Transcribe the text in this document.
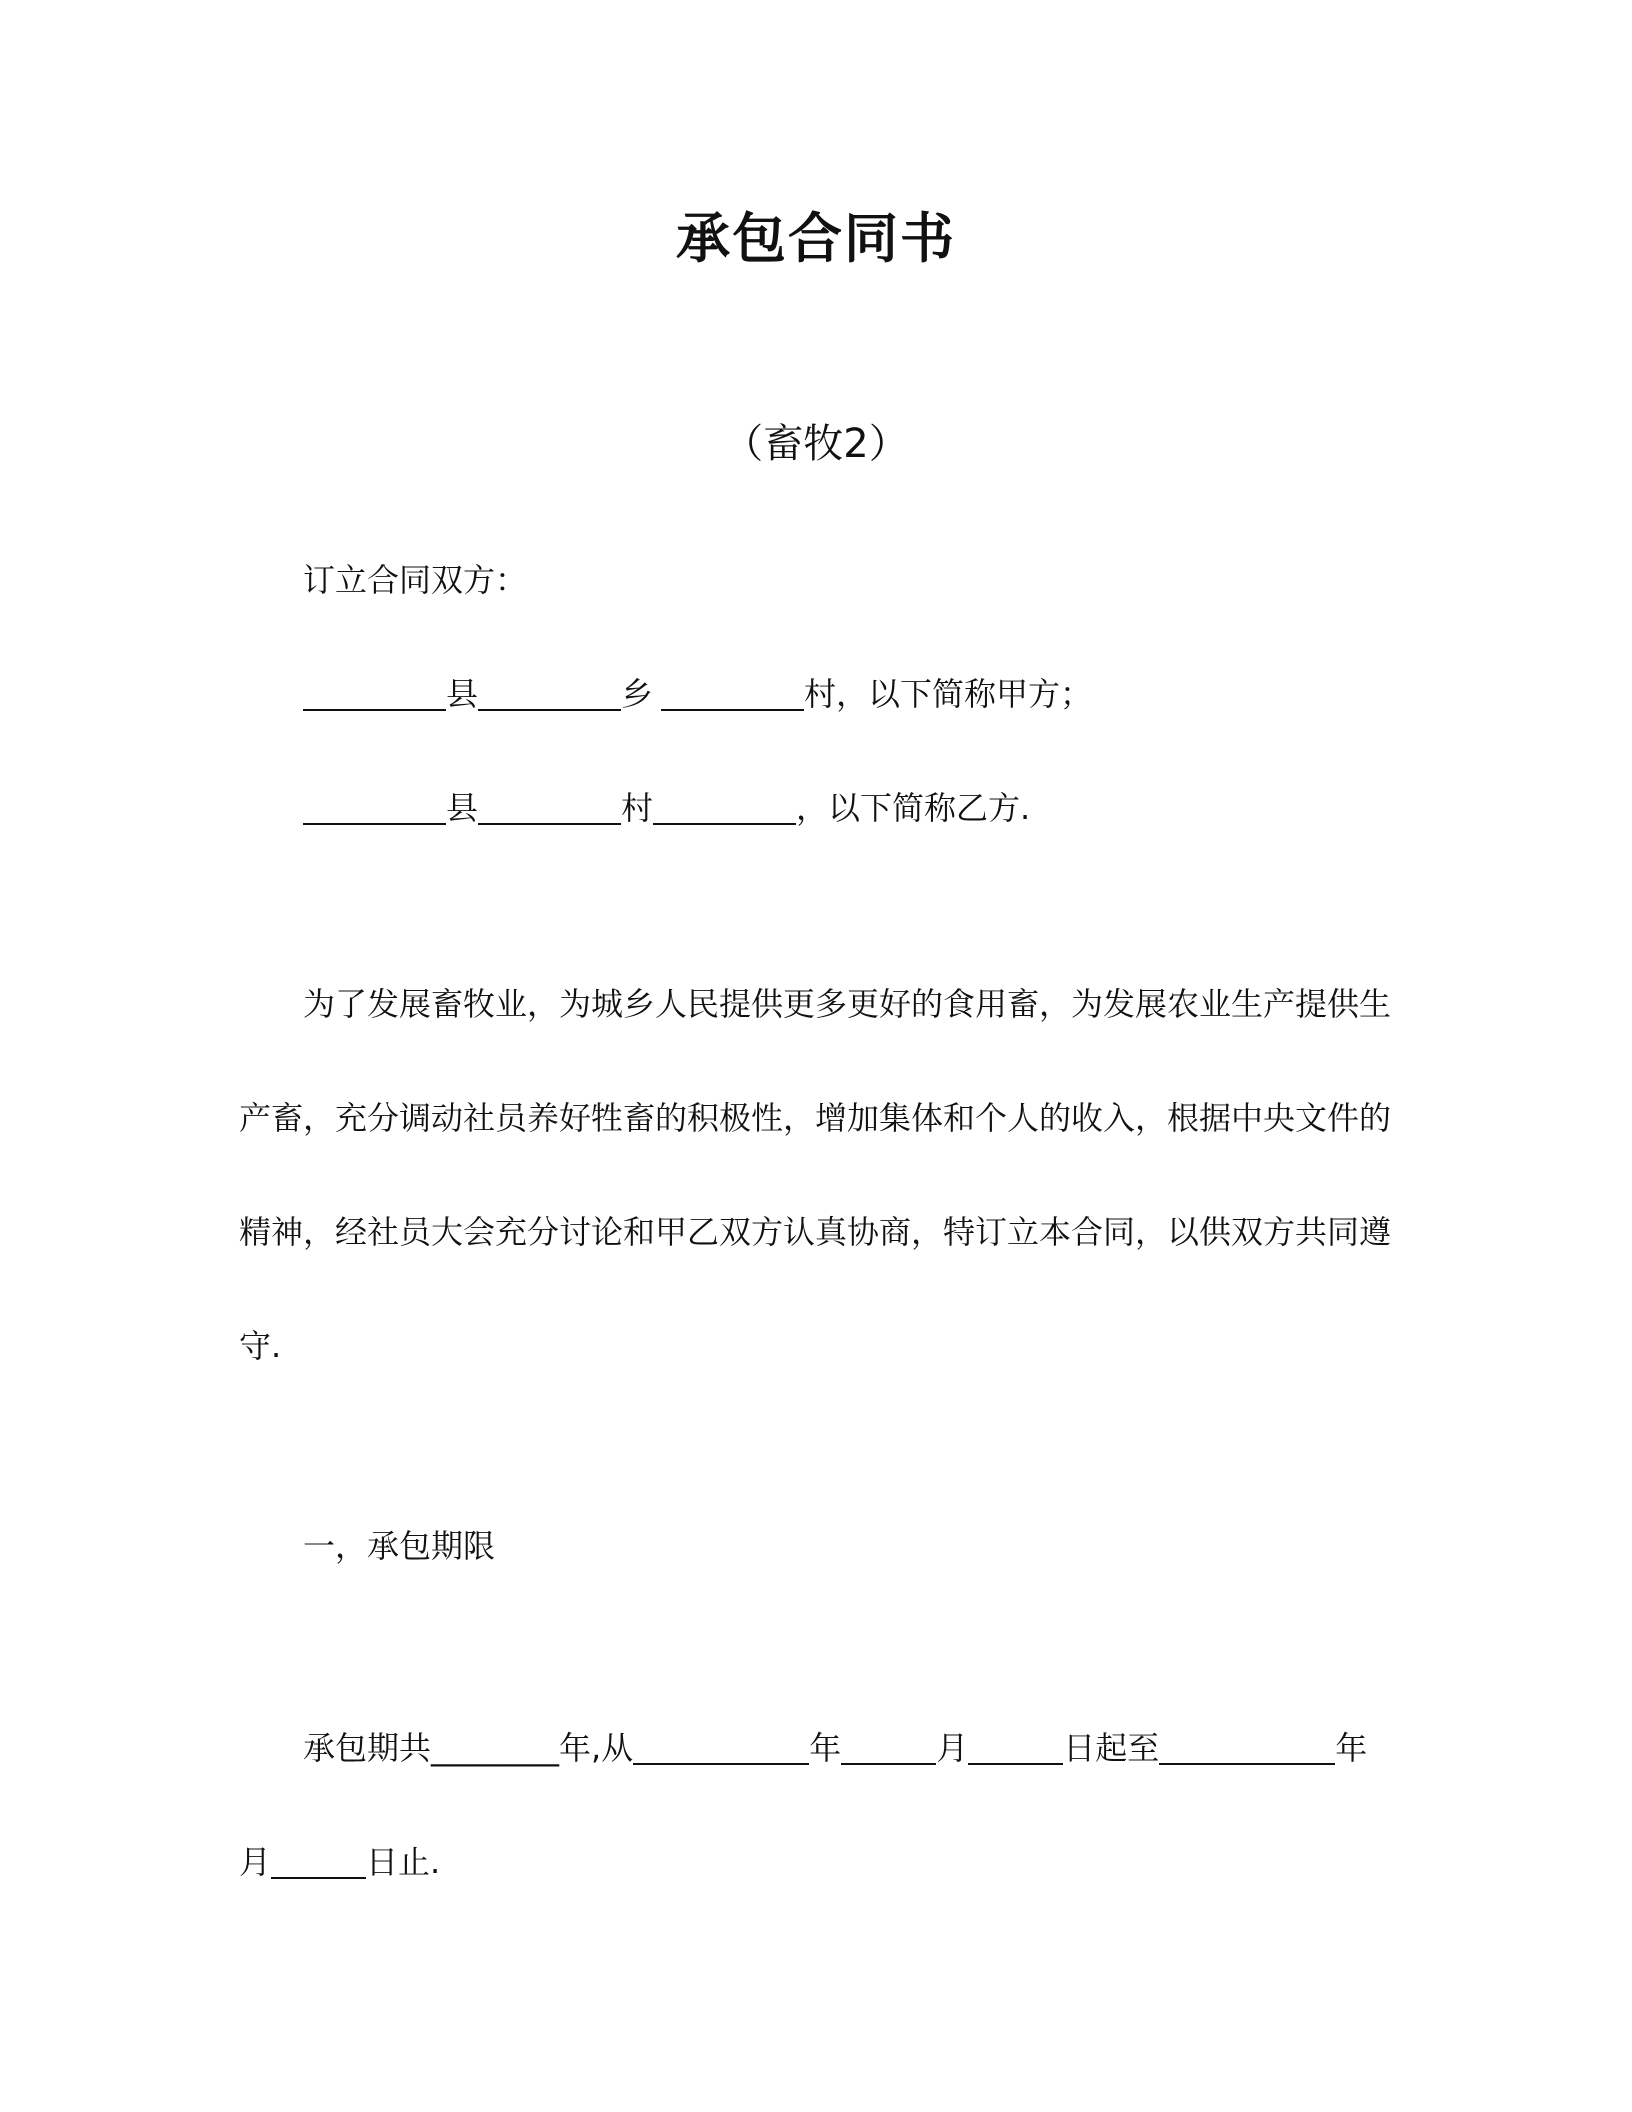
承包合同书
（畜牧2）
订立合同双方：
县	乡	村，以下简称甲方；
县	村	，以下简称乙方.
为了发展畜牧业，为城乡人民提供更多更好的食用畜，为发展农业生产提供生
产畜，充分调动社员养好牲畜的积极性，增加集体和个人的收入，根据中央文件的
精神，经社员大会充分讨论和甲乙双方认真协商，特订立本合同，以供双方共同遵
守.
一，承包期限
承包期共________年,从	年	月	日起至	年
月	日止.
